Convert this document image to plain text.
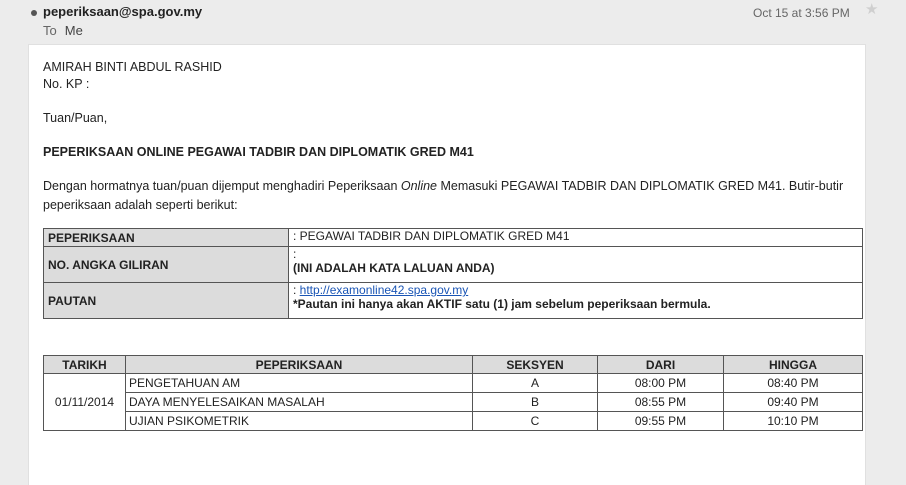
peperiksaan@spa.gov.my
To Me
Oct 15 at 3:56 PM ★
AMIRAH BINTI ABDUL RASHID
No. KP :
Tuan/Puan,
PEPERIKSAAN ONLINE PEGAWAI TADBIR DAN DIPLOMATIK GRED M41
Dengan hormatnya tuan/puan dijemput menghadiri Peperiksaan Online Memasuki PEGAWAI TADBIR DAN DIPLOMATIK GRED M41. Butir-butir peperiksaan adalah seperti berikut:
PEPERIKSAAN	: PEGAWAI TADBIR DAN DIPLOMATIK GRED M41
NO. ANGKA GILIRAN	:
(INI ADALAH KATA LALUAN ANDA)

PAUTAN	: http://examonline42.spa.gov.my
*Pautan ini hanya akan AKTIF satu (1) jam sebelum peperiksaan bermula.
TARIKH	PEPERIKSAAN	SEKSYEN	DARI	HINGGA
01/11/2014	PENGETAHUAN AM	A	08:00 PM	08:40 PM
	DAYA MENYELESAIKAN MASALAH	B	08:55 PM	09:40 PM
	UJIAN PSIKOMETRIK	C	09:55 PM	10:10 PM
